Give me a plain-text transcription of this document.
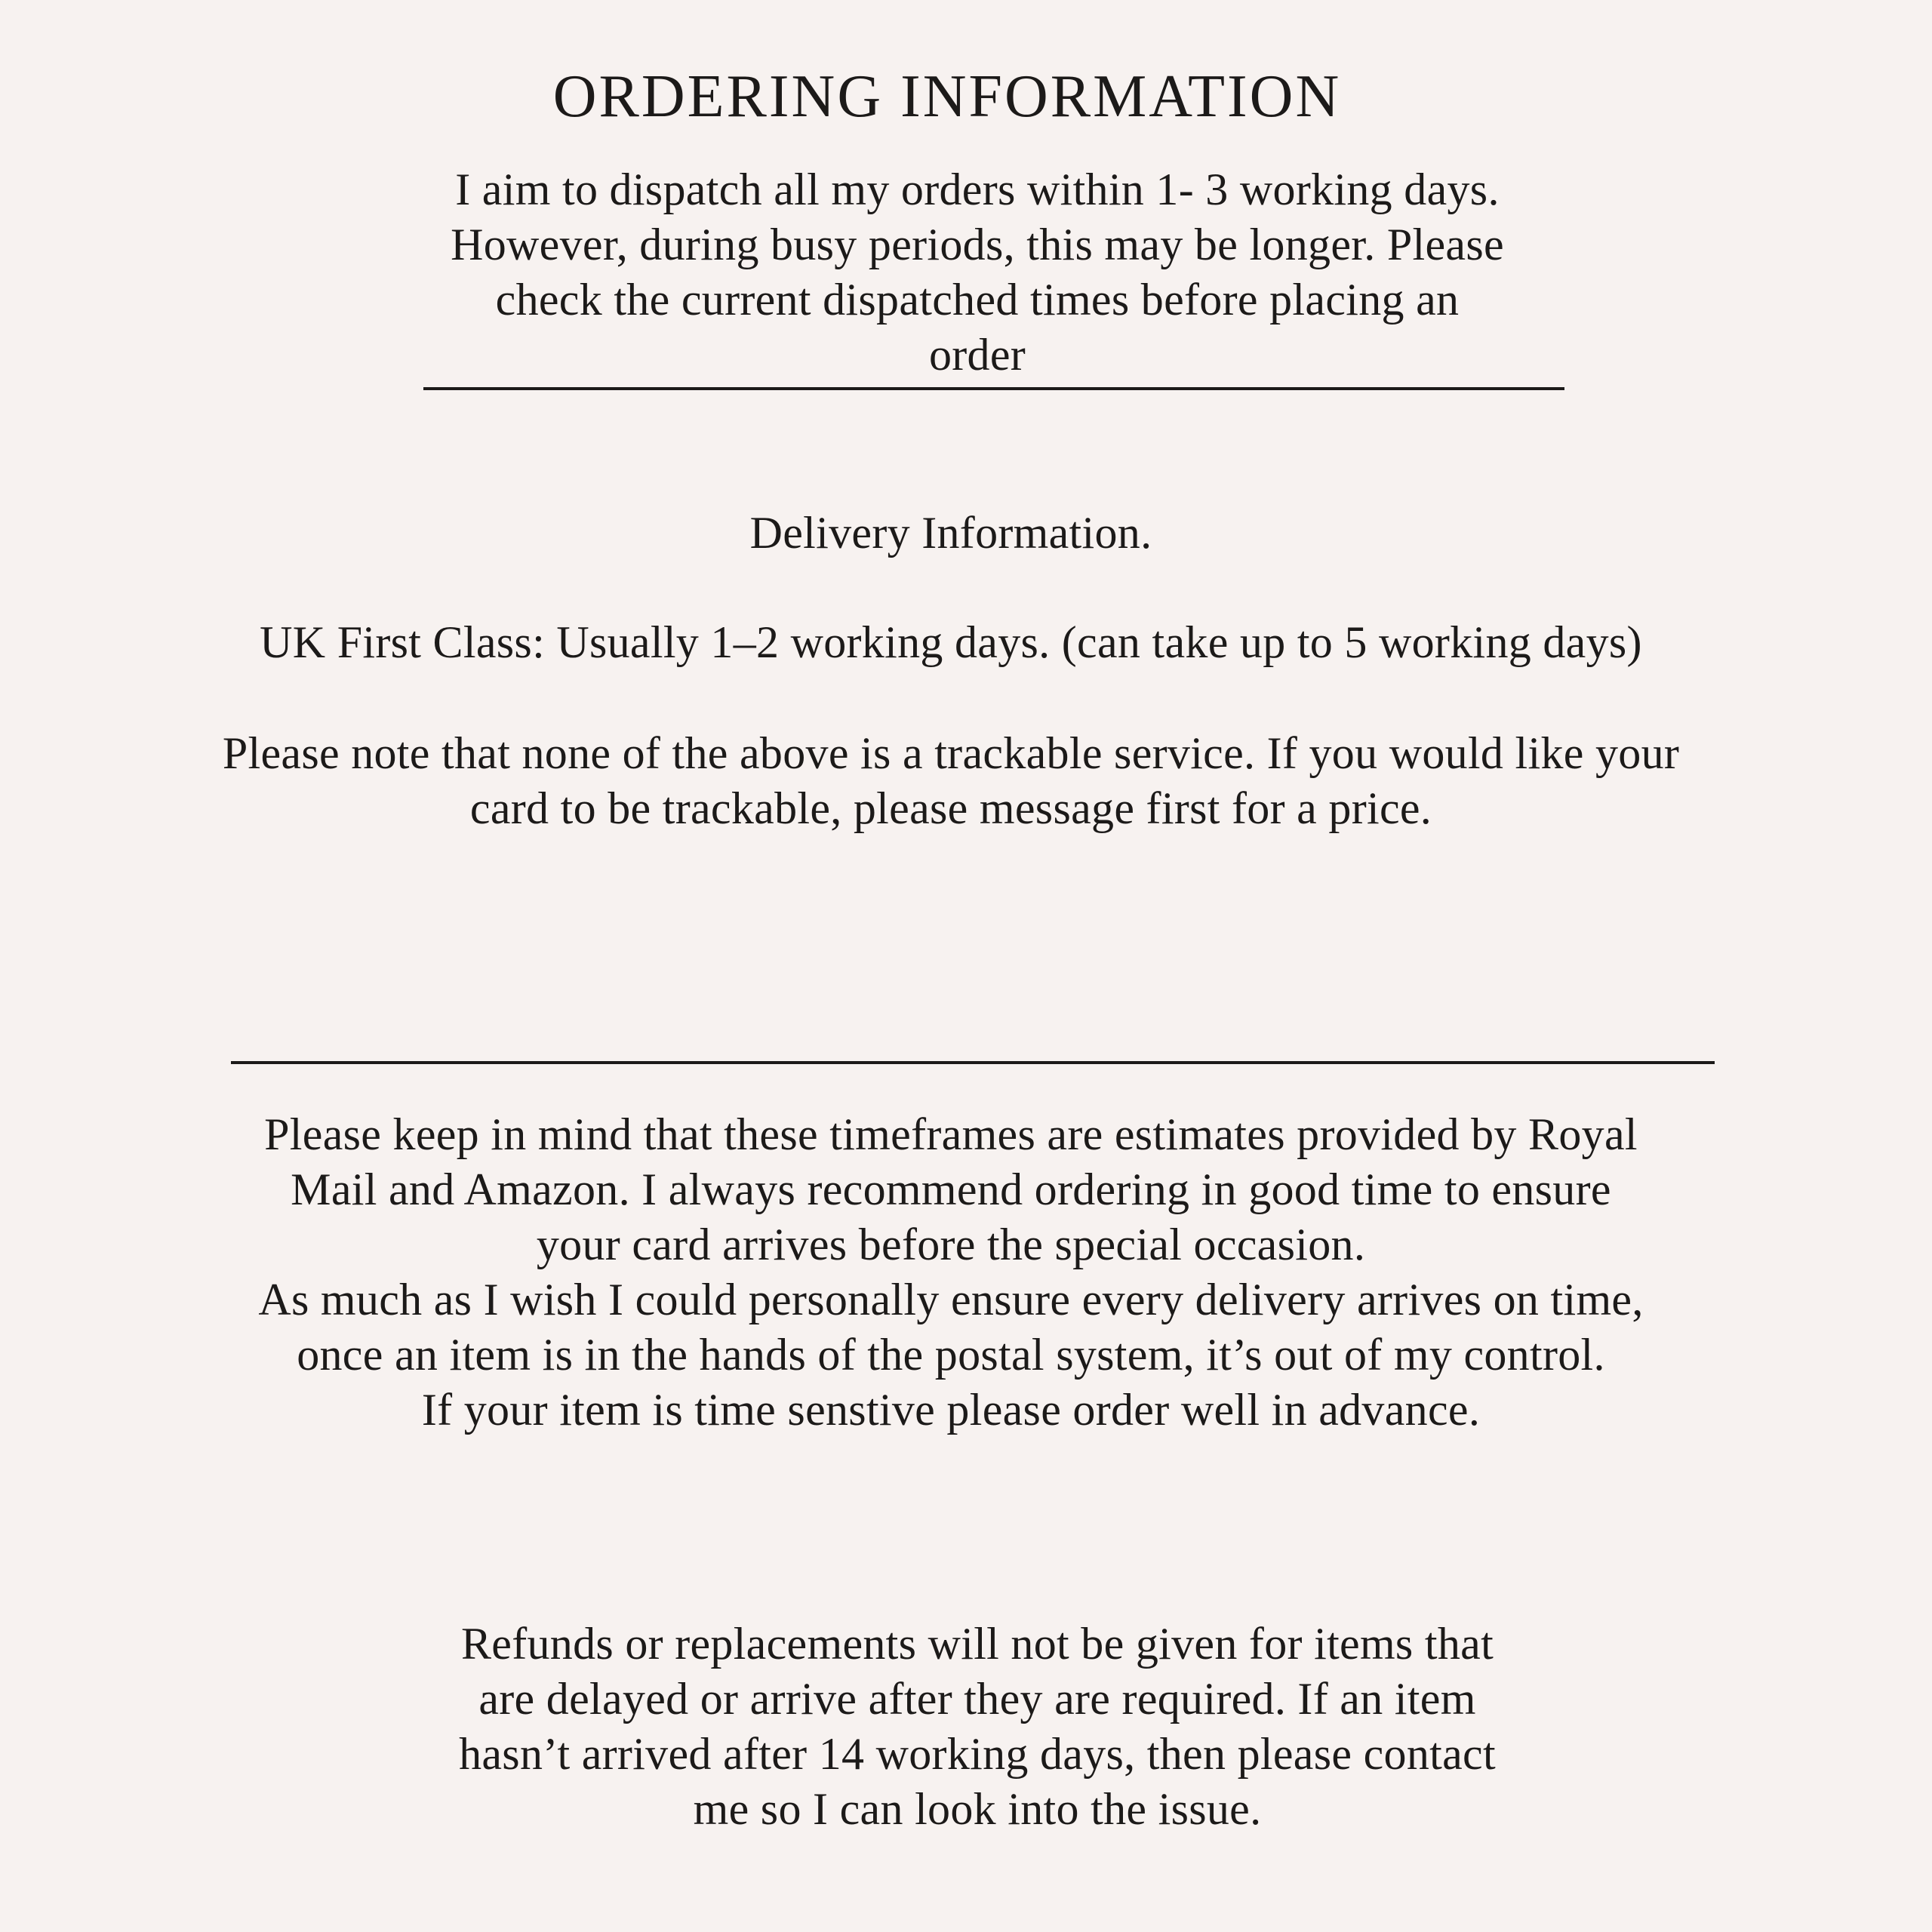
ORDERING INFORMATION
I aim to dispatch all my orders within 1- 3 working days.
However, during busy periods, this may be longer. Please
check the current dispatched times before placing an
order
Delivery Information.
UK First Class: Usually 1–2 working days. (can take up to 5 working days)
Please note that none of the above is a trackable service. If you would like your
card to be trackable, please message first for a price.
Please keep in mind that these timeframes are estimates provided by Royal
Mail and Amazon. I always recommend ordering in good time to ensure
your card arrives before the special occasion.
As much as I wish I could personally ensure every delivery arrives on time,
once an item is in the hands of the postal system, it’s out of my control.
If your item is time senstive please order well in advance.
Refunds or replacements will not be given for items that
are delayed or arrive after they are required. If an item
hasn’t arrived after 14 working days, then please contact
me so I can look into the issue.
